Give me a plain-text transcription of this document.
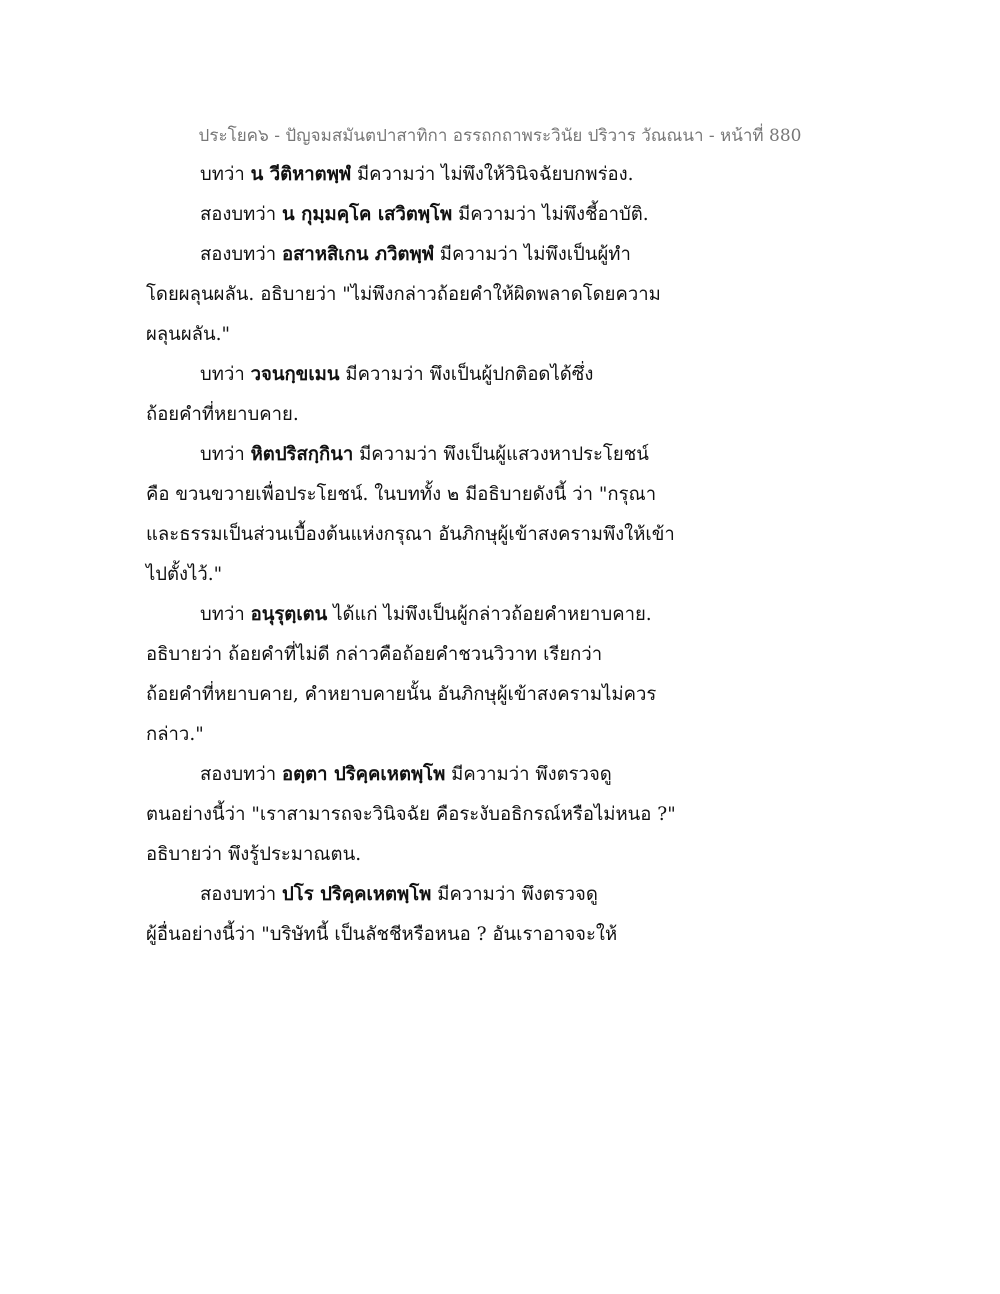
ประโยค๖ - ปัญจมสมันตปาสาทิกา อรรถกถาพระวินัย ปริวาร วัณณนา - หน้าที่ 880
บทว่า น วีติหาตพฺพํ มีความว่า ไม่พึงให้วินิจฉัยบกพร่อง.
สองบทว่า น กุมฺมคฺโค เสวิตพฺโพ มีความว่า ไม่พึงชี้อาบัติ.
สองบทว่า อสาหสิเกน ภวิตพฺพํ มีความว่า ไม่พึงเป็นผู้ทำ
โดยผลุนผลัน. อธิบายว่า "ไม่พึงกล่าวถ้อยคำให้ผิดพลาดโดยความ
ผลุนผลัน."
บทว่า วจนกฺขเมน มีความว่า พึงเป็นผู้ปกติอดได้ซึ่ง
ถ้อยคำที่หยาบคาย.
บทว่า หิตปริสกฺกินา มีความว่า พึงเป็นผู้แสวงหาประโยชน์
คือ ขวนขวายเพื่อประโยชน์. ในบททั้ง ๒ มีอธิบายดังนี้ ว่า "กรุณา
และธรรมเป็นส่วนเบื้องต้นแห่งกรุณา อันภิกษุผู้เข้าสงครามพึงให้เข้า
ไปตั้งไว้."
บทว่า อนุรุตฺเตน ได้แก่ ไม่พึงเป็นผู้กล่าวถ้อยคำหยาบคาย.
อธิบายว่า ถ้อยคำที่ไม่ดี กล่าวคือถ้อยคำชวนวิวาท เรียกว่า
ถ้อยคำที่หยาบคาย, คำหยาบคายนั้น อันภิกษุผู้เข้าสงครามไม่ควร
กล่าว."
สองบทว่า อตฺตา ปริคฺคเหตพฺโพ มีความว่า พึงตรวจดู
ตนอย่างนี้ว่า "เราสามารถจะวินิจฉัย คือระงับอธิกรณ์หรือไม่หนอ ?"
อธิบายว่า พึงรู้ประมาณตน.
สองบทว่า ปโร ปริคฺคเหตพฺโพ มีความว่า พึงตรวจดู
ผู้อื่นอย่างนี้ว่า "บริษัทนี้ เป็นลัชชีหรือหนอ ? อันเราอาจจะให้
